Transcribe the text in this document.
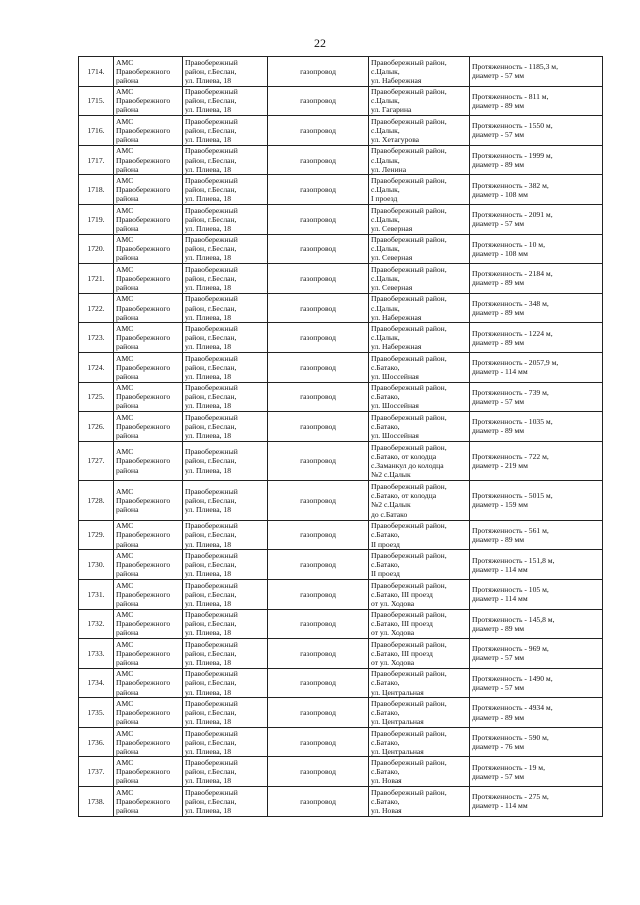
22
1714.	АМС
Правобережного
района	Правобережный
район, г.Беслан,
ул. Плиева, 18	газопровод	Правобережный район,
с.Цалык,
ул. Набережная	Протяженность - 1185,3 м,
диаметр - 57 мм
1715.	АМС
Правобережного
района	Правобережный
район, г.Беслан,
ул. Плиева, 18	газопровод	Правобережный район,
с.Цалык,
ул. Гагарина	Протяженность - 811 м,
диаметр - 89 мм
1716.	АМС
Правобережного
района	Правобережный
район, г.Беслан,
ул. Плиева, 18	газопровод	Правобережный район,
с.Цалык,
ул. Хетагурова	Протяженность - 1550 м,
диаметр - 57 мм
1717.	АМС
Правобережного
района	Правобережный
район, г.Беслан,
ул. Плиева, 18	газопровод	Правобережный район,
с.Цалык,
ул. Ленина	Протяженность - 1999 м,
диаметр - 89 мм
1718.	АМС
Правобережного
района	Правобережный
район, г.Беслан,
ул. Плиева, 18	газопровод	Правобережный район,
с.Цалык,
I проезд	Протяженность - 382 м,
диаметр - 108 мм
1719.	АМС
Правобережного
района	Правобережный
район, г.Беслан,
ул. Плиева, 18	газопровод	Правобережный район,
с.Цалык,
ул. Северная	Протяженность - 2091 м,
диаметр - 57 мм
1720.	АМС
Правобережного
района	Правобережный
район, г.Беслан,
ул. Плиева, 18	газопровод	Правобережный район,
с.Цалык,
ул. Северная	Протяженность - 10 м,
диаметр - 108 мм
1721.	АМС
Правобережного
района	Правобережный
район, г.Беслан,
ул. Плиева, 18	газопровод	Правобережный район,
с.Цалык,
ул. Северная	Протяженность - 2184 м,
диаметр - 89 мм
1722.	АМС
Правобережного
района	Правобережный
район, г.Беслан,
ул. Плиева, 18	газопровод	Правобережный район,
с.Цалык,
ул. Набережная	Протяженность - 348 м,
диаметр - 89 мм
1723.	АМС
Правобережного
района	Правобережный
район, г.Беслан,
ул. Плиева, 18	газопровод	Правобережный район,
с.Цалык,
ул. Набережная	Протяженность - 1224 м,
диаметр - 89 мм
1724.	АМС
Правобережного
района	Правобережный
район, г.Беслан,
ул. Плиева, 18	газопровод	Правобережный район,
с.Батако,
ул. Шоссейная	Протяженность - 2057,9 м,
диаметр - 114 мм
1725.	АМС
Правобережного
района	Правобережный
район, г.Беслан,
ул. Плиева, 18	газопровод	Правобережный район,
с.Батако,
ул. Шоссейная	Протяженность - 739 м,
диаметр - 57 мм
1726.	АМС
Правобережного
района	Правобережный
район, г.Беслан,
ул. Плиева, 18	газопровод	Правобережный район,
с.Батако,
ул. Шоссейная	Протяженность - 1035 м,
диаметр - 89 мм
1727.	АМС
Правобережного
района	Правобережный
район, г.Беслан,
ул. Плиева, 18	газопровод	Правобережный район,
с.Батако, от колодца
с.Заманкул до колодца
№2 с.Цалык	Протяженность - 722 м,
диаметр - 219 мм
1728.	АМС
Правобережного
района	Правобережный
район, г.Беслан,
ул. Плиева, 18	газопровод	Правобережный район,
с.Батако, от колодца
№2 с.Цалык
до с.Батако	Протяженность - 5015 м,
диаметр - 159 мм
1729.	АМС
Правобережного
района	Правобережный
район, г.Беслан,
ул. Плиева, 18	газопровод	Правобережный район,
с.Батако,
II проезд	Протяженность - 561 м,
диаметр - 89 мм
1730.	АМС
Правобережного
района	Правобережный
район, г.Беслан,
ул. Плиева, 18	газопровод	Правобережный район,
с.Батако,
II проезд	Протяженность - 151,8 м,
диаметр - 114 мм
1731.	АМС
Правобережного
района	Правобережный
район, г.Беслан,
ул. Плиева, 18	газопровод	Правобережный район,
с.Батако, III проезд
от ул. Ходова	Протяженность - 105 м,
диаметр - 114 мм
1732.	АМС
Правобережного
района	Правобережный
район, г.Беслан,
ул. Плиева, 18	газопровод	Правобережный район,
с.Батако, III проезд
от ул. Ходова	Протяженность - 145,8 м,
диаметр - 89 мм
1733.	АМС
Правобережного
района	Правобережный
район, г.Беслан,
ул. Плиева, 18	газопровод	Правобережный район,
с.Батако, III проезд
от ул. Ходова	Протяженность - 969 м,
диаметр - 57 мм
1734.	АМС
Правобережного
района	Правобережный
район, г.Беслан,
ул. Плиева, 18	газопровод	Правобережный район,
с.Батако,
ул. Центральная	Протяженность - 1490 м,
диаметр - 57 мм
1735.	АМС
Правобережного
района	Правобережный
район, г.Беслан,
ул. Плиева, 18	газопровод	Правобережный район,
с.Батако,
ул. Центральная	Протяженность - 4934 м,
диаметр - 89 мм
1736.	АМС
Правобережного
района	Правобережный
район, г.Беслан,
ул. Плиева, 18	газопровод	Правобережный район,
с.Батако,
ул. Центральная	Протяженность - 590 м,
диаметр - 76 мм
1737.	АМС
Правобережного
района	Правобережный
район, г.Беслан,
ул. Плиева, 18	газопровод	Правобережный район,
с.Батако,
ул. Новая	Протяженность - 19 м,
диаметр - 57 мм
1738.	АМС
Правобережного
района	Правобережный
район, г.Беслан,
ул. Плиева, 18	газопровод	Правобережный район,
с.Батако,
ул. Новая	Протяженность - 275 м,
диаметр - 114 мм
